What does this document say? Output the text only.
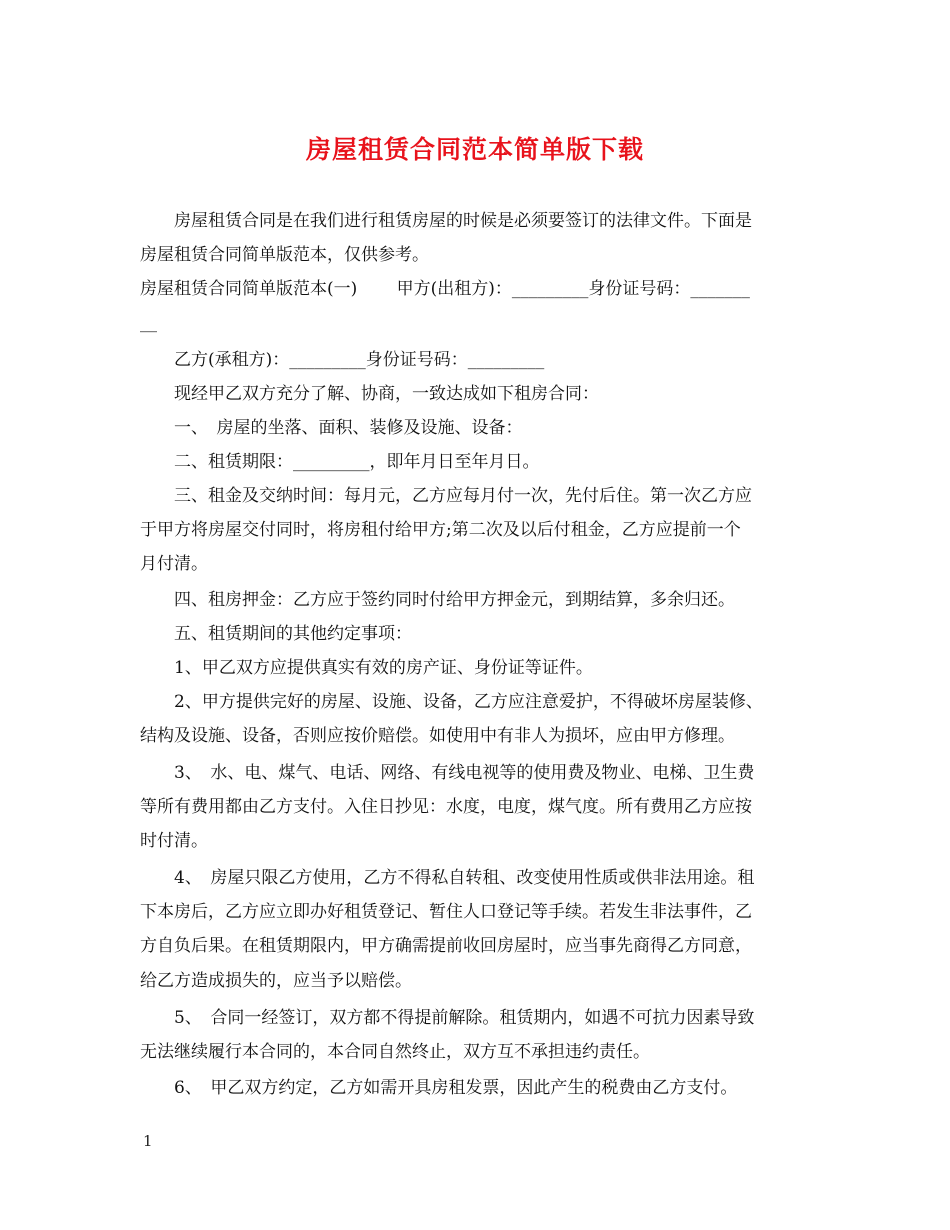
房屋租赁合同范本简单版下载
　　房屋租赁合同是在我们进行租赁房屋的时候是必须要签订的法律文件。下面是
房屋租赁合同简单版范本，仅供参考。
房屋租赁合同简单版范本(一)　　 甲方(出租方)：_________身份证号码：_______
__
　　乙方(承租方)：_________身份证号码：_________
　　现经甲乙双方充分了解、协商，一致达成如下租房合同：
　　一、　房屋的坐落、面积、装修及设施、设备：
　　二、租赁期限：_________，即年月日至年月日。
　　三、租金及交纳时间：每月元，乙方应每月付一次，先付后住。第一次乙方应
于甲方将房屋交付同时，将房租付给甲方;第二次及以后付租金，乙方应提前一个
月付清。
　　四、租房押金：乙方应于签约同时付给甲方押金元，到期结算，多余归还。
　　五、租赁期间的其他约定事项：
　　1、甲乙双方应提供真实有效的房产证、身份证等证件。
　　2、甲方提供完好的房屋、设施、设备，乙方应注意爱护，不得破坏房屋装修、
结构及设施、设备，否则应按价赔偿。如使用中有非人为损坏，应由甲方修理。
　　3、　水、电、煤气、电话、网络、有线电视等的使用费及物业、电梯、卫生费
等所有费用都由乙方支付。入住日抄见：水度，电度，煤气度。所有费用乙方应按
时付清。
　　4、　房屋只限乙方使用，乙方不得私自转租、改变使用性质或供非法用途。租
下本房后，乙方应立即办好租赁登记、暂住人口登记等手续。若发生非法事件，乙
方自负后果。在租赁期限内，甲方确需提前收回房屋时，应当事先商得乙方同意，
给乙方造成损失的，应当予以赔偿。
　　5、　合同一经签订，双方都不得提前解除。租赁期内，如遇不可抗力因素导致
无法继续履行本合同的，本合同自然终止，双方互不承担违约责任。
　　6、　甲乙双方约定，乙方如需开具房租发票，因此产生的税费由乙方支付。
1
